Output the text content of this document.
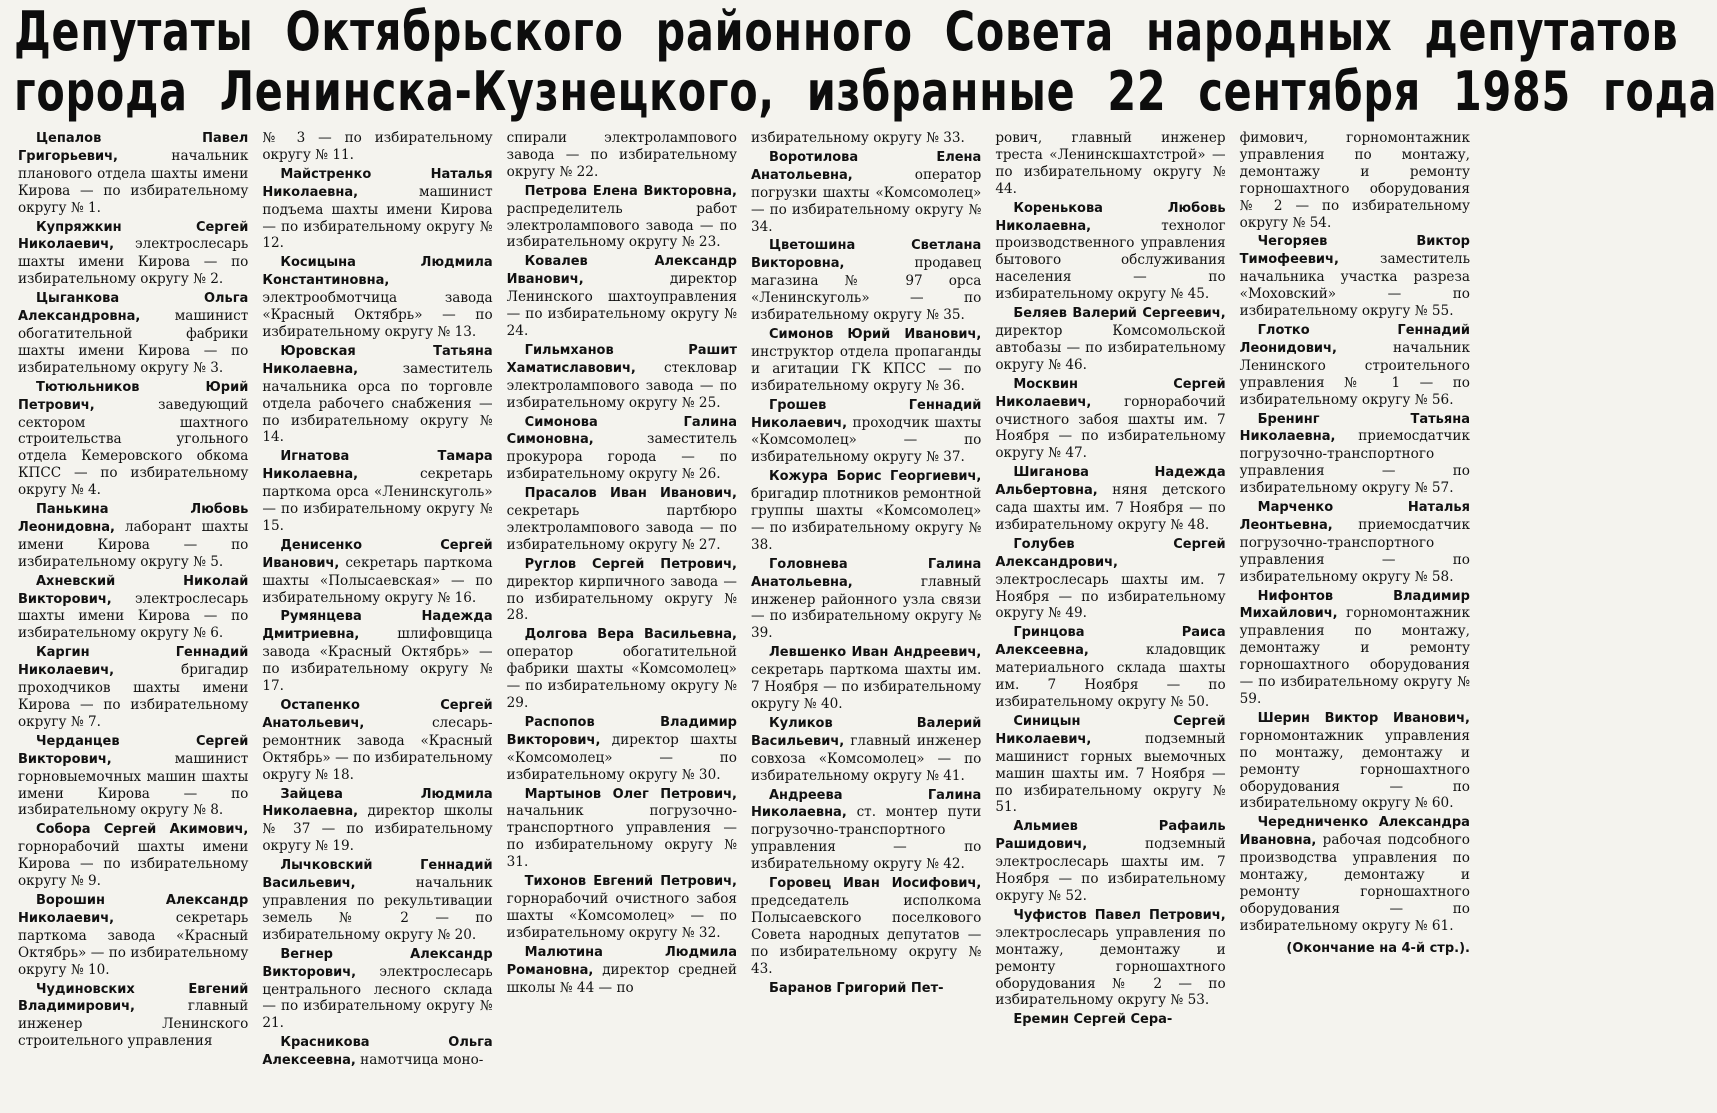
Депутаты Октябрьского районного Совета народных депутатов
города Ленинска-Кузнецкого, избранные 22 сентября 1985 года

Цепалов Павел Григорьевич,	начальник планового отдела шахты имени Кирова — по избирательному округу № 1.

Купряжкин Сергей Николаевич, электрослесарь шахты имени Кирова — по избирательному округу № 2.

Цыганкова Ольга Александровна,	машинист обогатительной фабрики шахты имени Кирова — по избирательному округу № 3.

Тютюльников Юрий Петрович,	заведующий сектором шахтного строительства угольного отдела Кемеровского обкома КПСС — по избирательному округу № 4.

Панькина Любовь Леонидовна, лаборант шахты имени Кирова — по избирательному округу № 5.

Ахневский Николай Викторович, электрослесарь шахты имени Кирова — по избирательному округу № 6.

Каргин Геннадий Николаевич,	бригадир проходчиков шахты имени Кирова — по избирательному округу № 7.

Черданцев Сергей Викторович,	машинист горновыемочных машин шахты имени Кирова — по избирательному округу № 8.

Собора Сергей Акимович, горнорабочий шахты имени Кирова — по избирательному округу № 9.

Ворошин Александр Николаевич,	секретарь парткома завода «Красный Октябрь» — по избирательному округу № 10.

Чудиновских Евгений Владимирович,	главный инженер Ленинского строительного управления

№ 3 — по избирательному округу № 11.

Майстренко Наталья Николаевна,	машинист подъема шахты имени Кирова — по избирательному округу № 12.

Косицына Людмила Константиновна, электрообмотчица завода «Красный Октябрь» — по избирательному округу № 13.

Юровская Татьяна Николаевна,	заместитель начальника орса по торговле отдела рабочего снабжения — по избирательному округу № 14.

Игнатова Тамара Николаевна,	секретарь парткома орса «Ленинскуголь» — по избирательному округу № 15.

Денисенко Сергей Иванович, секретарь парткома шахты «Полысаевская» — по избирательному округу № 16.

Румянцева Надежда Дмитриевна,	шлифовщица завода «Красный Октябрь» — по избирательному округу № 17.

Остапенко Сергей Анатольевич,	слесарь-ремонтник завода «Красный Октябрь» — по избирательному округу № 18.

Зайцева Людмила Николаевна, директор школы № 37 — по избирательному округу № 19.

Лычковский Геннадий Васильевич,	начальник управления по рекультивации земель № 2 — по избирательному округу № 20.

Вегнер Александр Викторович, электрослесарь центрального лесного склада — по избирательному округу № 21.

Красникова Ольга Алексеевна, намотчица моно-

спирали электролампового завода — по избирательному округу № 22.

Петрова Елена Викторовна, распределитель работ электролампового завода — по избирательному округу № 23.

Ковалев Александр Иванович,	директор Ленинского шахтоуправления — по избирательному округу № 24.

Гильмханов Рашит Хаматиславович, стекловар электролампового завода — по избирательному округу № 25.

Симонова Галина Симоновна,	заместитель прокурора города — по избирательному округу № 26.

Прасалов Иван Иванович, секретарь партбюро электролампового завода — по избирательному округу № 27.

Руглов Сергей Петрович, директор кирпичного завода — по избирательному округу № 28.

Долгова Вера Васильевна, оператор обогатительной фабрики шахты «Комсомолец» — по избирательному округу № 29.

Распопов Владимир Викторович, директор шахты «Комсомолец» — по избирательному округу № 30.

Мартынов Олег Петрович, начальник погрузочно-транспортного управления — по избирательному округу № 31.

Тихонов Евгений Петрович, горнорабочий очистного забоя шахты «Комсомолец» — по избирательному округу № 32.

Малютина Людмила Романовна, директор средней школы № 44 — по

избирательному округу № 33.

Воротилова Елена Анатольевна,	оператор погрузки шахты «Комсомолец» — по избирательному округу № 34.

Цветошина Светлана Викторовна,	продавец магазина № 97 орса «Ленинскуголь» — по избирательному округу № 35.

Симонов Юрий Иванович, инструктор отдела пропаганды и агитации ГК КПСС — по избирательному округу № 36.

Грошев Геннадий Николаевич, проходчик шахты «Комсомолец» — по избирательному округу № 37.

Кожура Борис Георгиевич, бригадир плотников ремонтной группы шахты «Комсомолец» — по избирательному округу № 38.

Головнева Галина Анатольевна,	главный инженер районного узла связи — по избирательному округу № 39.

Левшенко Иван Андреевич, секретарь парткома шахты им. 7 Ноября — по избирательному округу № 40.

Куликов Валерий Васильевич, главный инженер совхоза «Комсомолец» — по избирательному округу № 41.

Андреева Галина Николаевна, ст. монтер пути погрузочно-транспортного управления — по избирательному округу № 42.

Горовец Иван Иосифович, председатель исполкома Полысаевского поселкового Совета народных депутатов — по избирательному округу № 43.

Баранов Григорий Пет-

рович, главный инженер треста «Ленинскшахтстрой» — по избирательному округу № 44.

Коренькова Любовь Николаевна,	технолог производственного управления бытового обслуживания населения — по избирательному округу № 45.

Беляев Валерий Сергеевич, директор Комсомольской автобазы — по избирательному округу № 46.

Москвин Сергей Николаевич, горнорабочий очистного забоя шахты им. 7 Ноября — по избирательному округу № 47.

Шиганова Надежда Альбертовна, няня детского сада шахты им. 7 Ноября — по избирательному округу № 48.

Голубев Сергей Александрович, электрослесарь шахты им. 7 Ноября — по избирательному округу № 49.

Гринцова Раиса Алексеевна,	кладовщик материального склада шахты им. 7 Ноября — по избирательному округу № 50.

Синицын Сергей Николаевич,	подземный машинист горных выемочных машин шахты им. 7 Ноября — по избирательному округу № 51.

Альмиев Рафаиль Рашидович,	подземный электрослесарь шахты им. 7 Ноября — по избирательному округу № 52.

Чуфистов Павел Петрович, электрослесарь управления по монтажу, демонтажу и ремонту горношахтного оборудования № 2 — по избирательному округу № 53.

Еремин Сергей Сера-

фимович, горномонтажник управления по монтажу, демонтажу и ремонту горношахтного оборудования № 2 — по избирательному округу № 54.

Чегоряев Виктор Тимофеевич,	заместитель начальника участка разреза «Моховский» — по избирательному округу № 55.

Глотко Геннадий Леонидович,	начальник Ленинского строительного управления № 1 — по избирательному округу № 56.

Бренинг Татьяна Николаевна, приемосдатчик погрузочно-транспортного управления — по избирательному округу № 57.

Марченко Наталья Леонтьевна, приемосдатчик погрузочно-транспортного управления — по избирательному округу № 58.

Нифонтов Владимир Михайлович, горномонтажник управления по монтажу, демонтажу и ремонту горношахтного оборудования — по избирательному округу № 59.

Шерин Виктор Иванович, горномонтажник управления по монтажу, демонтажу и ремонту горношахтного оборудования — по избирательному округу № 60.

Чередниченко Александра Ивановна, рабочая подсобного производства управления по монтажу, демонтажу и ремонту горношахтного оборудования — по избирательному округу № 61.

(Окончание на 4-й стр.).
